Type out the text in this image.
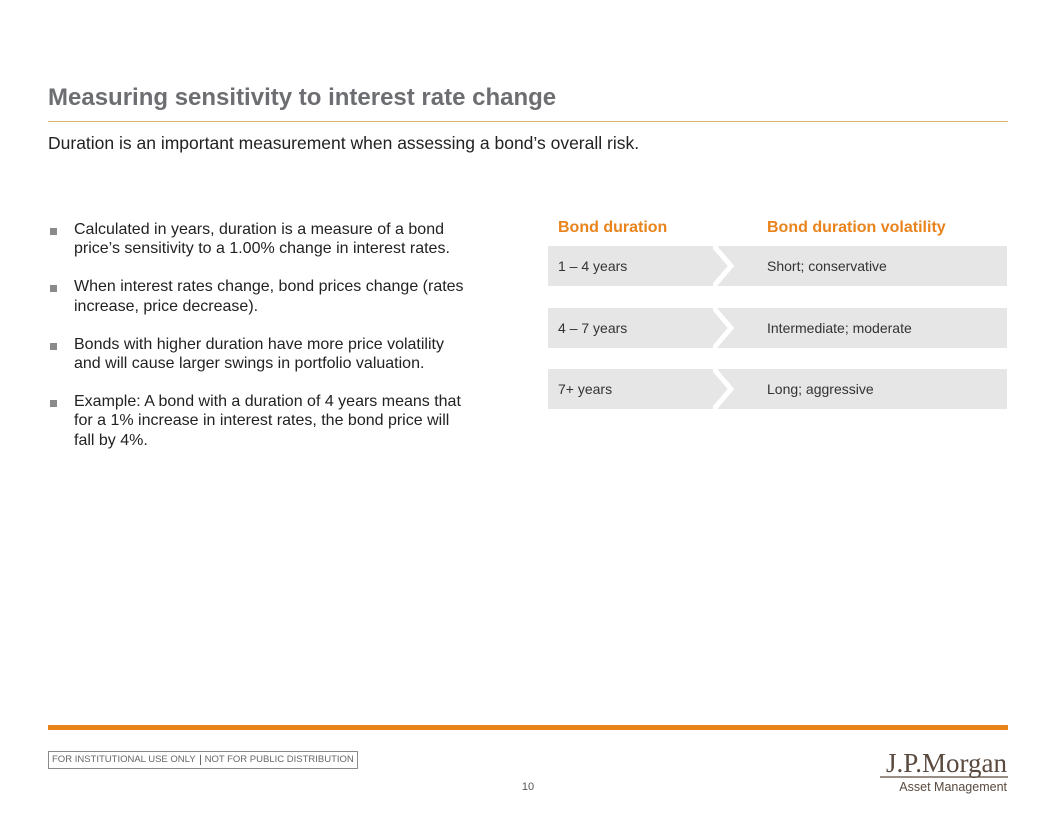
Measuring sensitivity to interest rate change
Duration is an important measurement when assessing a bond’s overall risk.
Calculated in years, duration is a measure of a bond price’s sensitivity to a 1.00% change in interest rates.
When interest rates change, bond prices change (rates increase, price decrease).
Bonds with higher duration have more price volatility and will cause larger swings in portfolio valuation.
Example: A bond with a duration of 4 years means that for a 1% increase in interest rates, the bond price will fall by 4%.
Bond duration	Bond duration volatility
1 – 4 years	Short; conservative
4 – 7 years	Intermediate; moderate
7+ years	Long; aggressive
FOR INSTITUTIONAL USE ONLY NOT FOR PUBLIC DISTRIBUTION
10
J.P.Morgan
Asset Management
